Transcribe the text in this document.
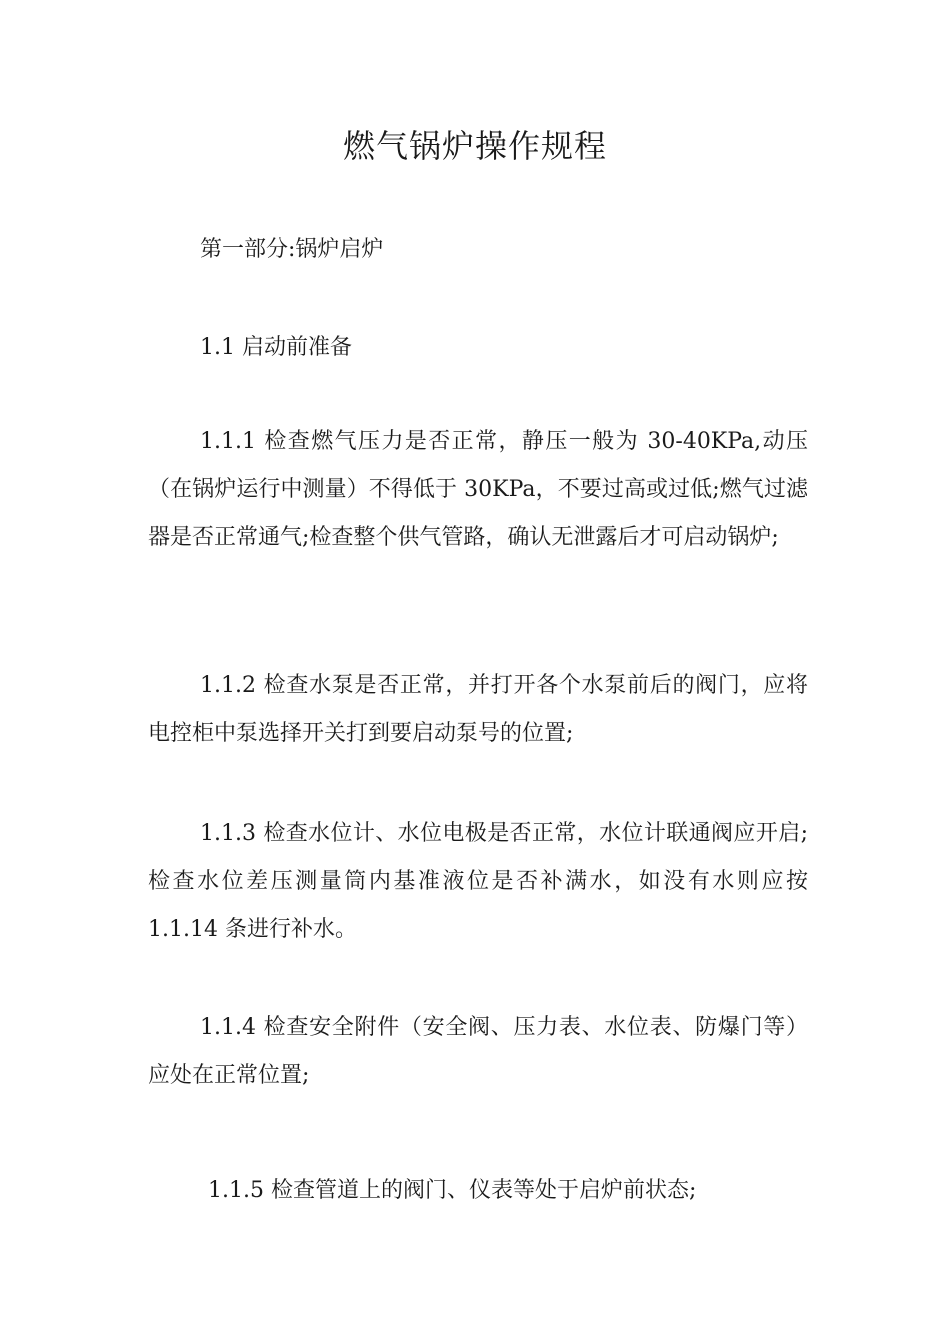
燃气锅炉操作规程

第一部分:锅炉启炉

1.1 启动前准备

1.1.1 检查燃气压力是否正常，静压一般为 30-40KPa,动压（在锅炉运行中测量）不得低于 30KPa，不要过高或过低;燃气过滤器是否正常通气;检查整个供气管路，确认无泄露后才可启动锅炉;

1.1.2 检查水泵是否正常，并打开各个水泵前后的阀门，应将电控柜中泵选择开关打到要启动泵号的位置;

1.1.3 检查水位计、水位电极是否正常，水位计联通阀应开启;检查水位差压测量筒内基准液位是否补满水，如没有水则应按 1.1.14 条进行补水。

1.1.4 检查安全附件（安全阀、压力表、水位表、防爆门等）应处在正常位置;

1.1.5 检查管道上的阀门、仪表等处于启炉前状态;
